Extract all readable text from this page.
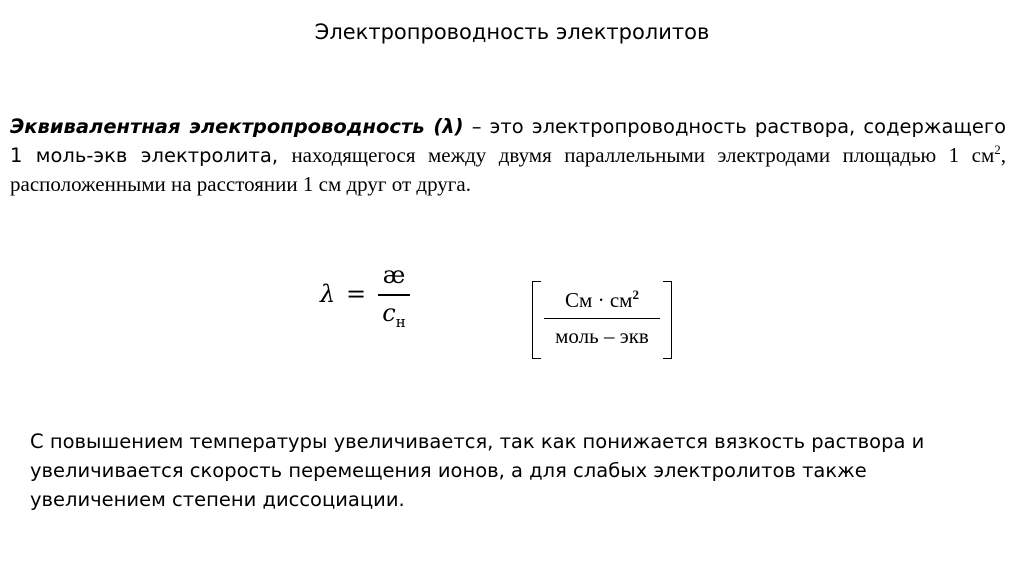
Электропроводность электролитов
Эквивалентная электропроводность (λ) – это электропроводность раствора, содержащего 1 моль-экв электролита, находящегося между двумя параллельными электродами площадью 1 $см^2$, расположенными на расстоянии 1 см друг от друга.
λ =
æ
$c_н$
См · $см^2$
моль – экв
С повышением температуры увеличивается, так как понижается вязкость раствора и увеличивается скорость перемещения ионов, а для слабых электролитов также увеличением степени диссоциации.
